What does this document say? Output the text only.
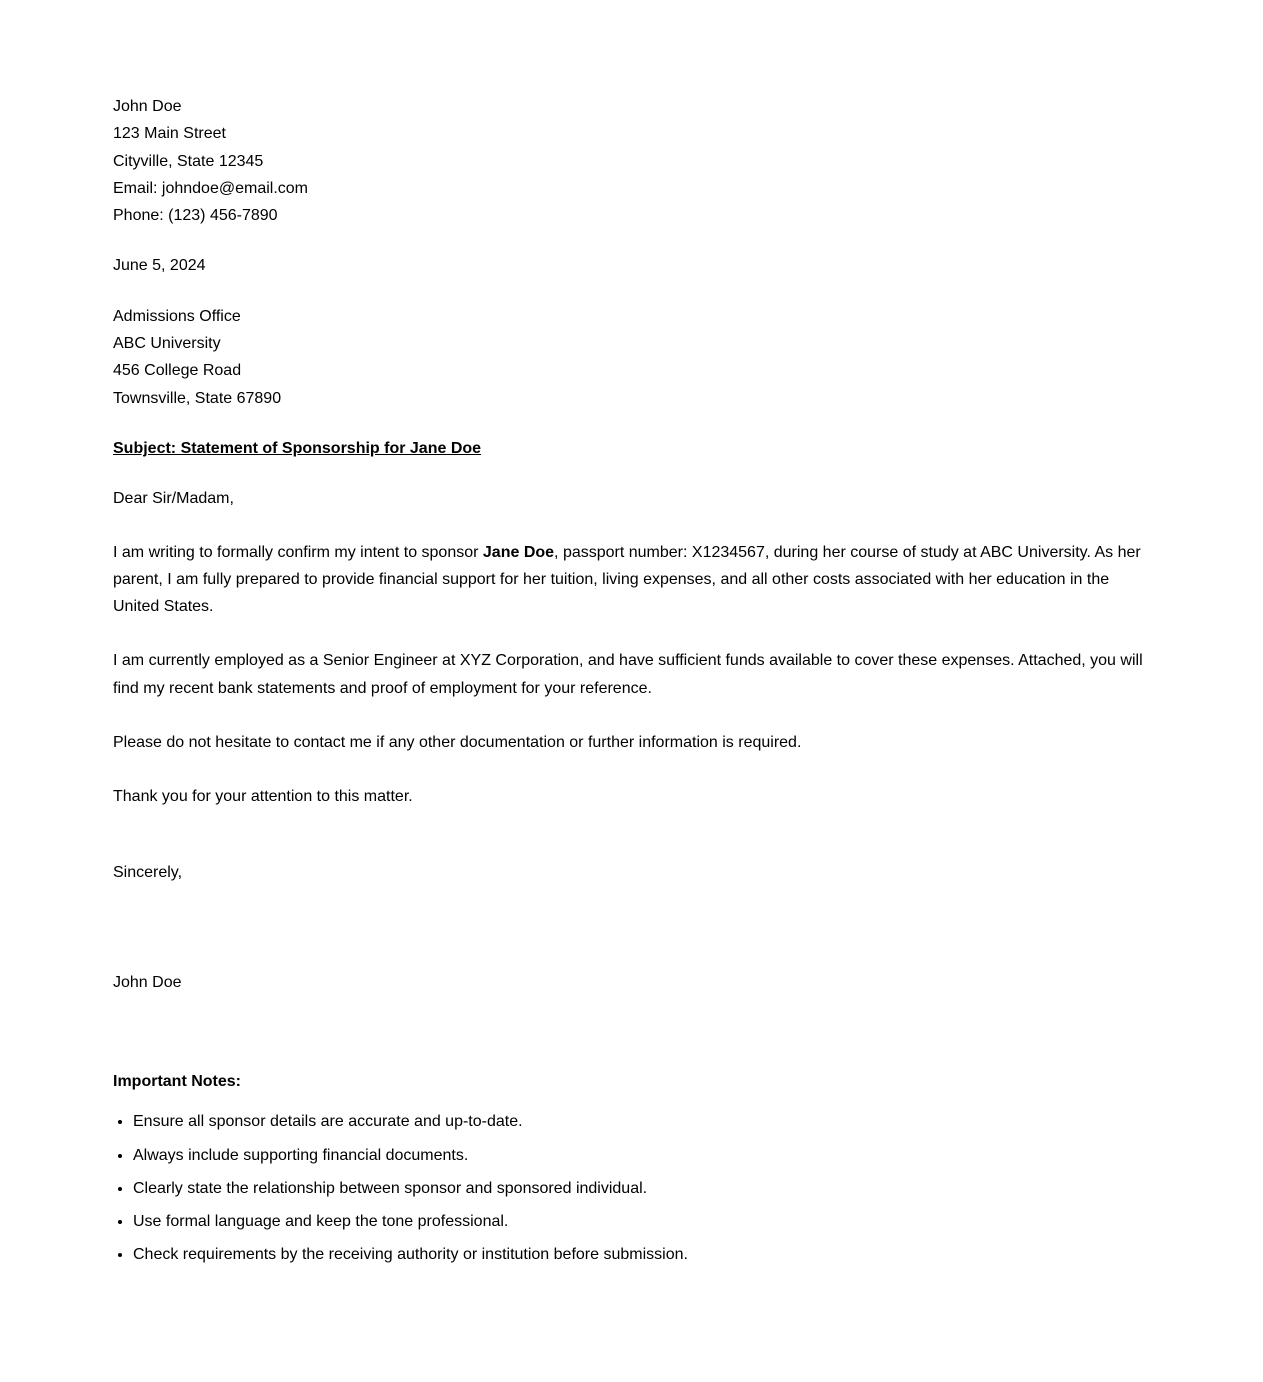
John Doe
123 Main Street
Cityville, State 12345
Email: johndoe@email.com
Phone: (123) 456-7890
June 5, 2024
Admissions Office
ABC University
456 College Road
Townsville, State 67890
Subject: Statement of Sponsorship for Jane Doe
Dear Sir/Madam,

I am writing to formally confirm my intent to sponsor Jane Doe, passport number: X1234567, during her course of study at ABC University. As her parent, I am fully prepared to provide financial support for her tuition, living expenses, and all other costs associated with her education in the United States.

I am currently employed as a Senior Engineer at XYZ Corporation, and have sufficient funds available to cover these expenses. Attached, you will find my recent bank statements and proof of employment for your reference.

Please do not hesitate to contact me if any other documentation or further information is required.

Thank you for your attention to this matter.

Sincerely,
John Doe
Important Notes:
• Ensure all sponsor details are accurate and up-to-date.
• Always include supporting financial documents.
• Clearly state the relationship between sponsor and sponsored individual.
• Use formal language and keep the tone professional.
• Check requirements by the receiving authority or institution before submission.
